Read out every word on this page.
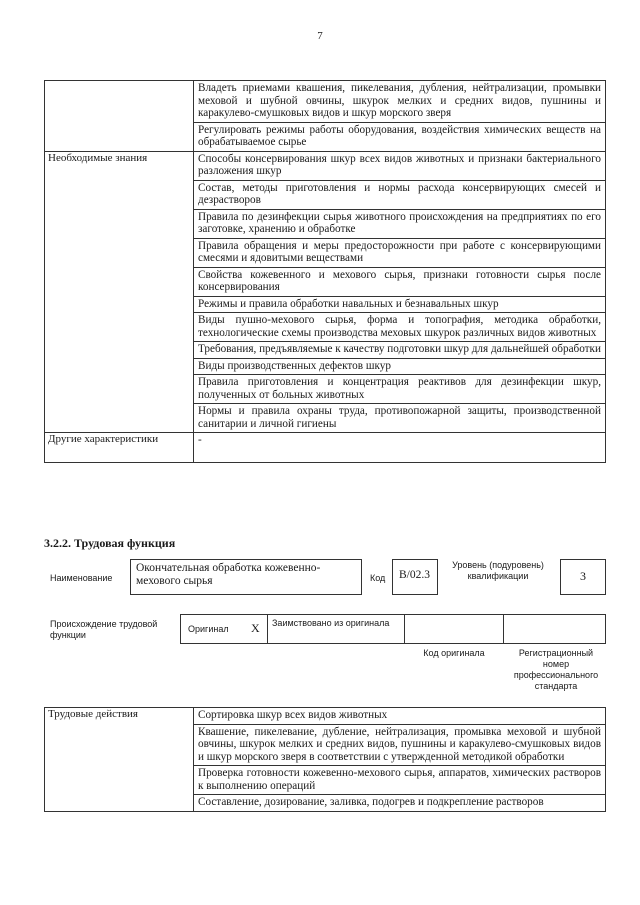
7
	Владеть приемами квашения, пикелевания, дубления, нейтрализации, промывки меховой и шубной овчины, шкурок мелких и средних видов, пушнины и каракулево-смушковых видов и шкур морского зверя
	Регулировать режимы работы оборудования, воздействия химических веществ на обрабатываемое сырье
Необходимые знания	Способы консервирования шкур всех видов животных и признаки бактериального разложения шкур
	Состав, методы приготовления и нормы расхода консервирующих смесей и дезрастворов
	Правила по дезинфекции сырья животного происхождения на предприятиях по его заготовке, хранению и обработке
	Правила обращения и меры предосторожности при работе с консервирующими смесями и ядовитыми веществами
	Свойства кожевенного и мехового сырья, признаки готовности сырья после консервирования
	Режимы и правила обработки навальных и безнавальных шкур
	Виды пушно-мехового сырья, форма и топография, методика обработки, технологические схемы производства меховых шкурок различных видов животных
	Требования, предъявляемые к качеству подготовки шкур для дальнейшей обработки
	Виды производственных дефектов шкур
	Правила приготовления и концентрация реактивов для дезинфекции шкур, полученных от больных животных
	Нормы и правила охраны труда, противопожарной защиты, производственной санитарии и личной гигиены
Другие характеристики	-
3.2.2. Трудовая функция
Наименование
Окончательная обработка кожевенно-мехового сырья	Код	B/02.3
Уровень (подуровень) квалификации	3
Происхождение трудовой функции
Оригинал X	Заимствовано из оригинала
Код оригинала	Регистрационный номер профессионального стандарта
Трудовые действия	Сортировка шкур всех видов животных
Квашение, пикелевание, дубление, нейтрализация, промывка меховой и шубной овчины, шкурок мелких и средних видов, пушнины и каракулево-смушковых видов и шкур морского зверя в соответствии с утвержденной методикой обработки
Проверка готовности кожевенно-мехового сырья, аппаратов, химических растворов к выполнению операций
Составление, дозирование, заливка, подогрев и подкрепление растворов
